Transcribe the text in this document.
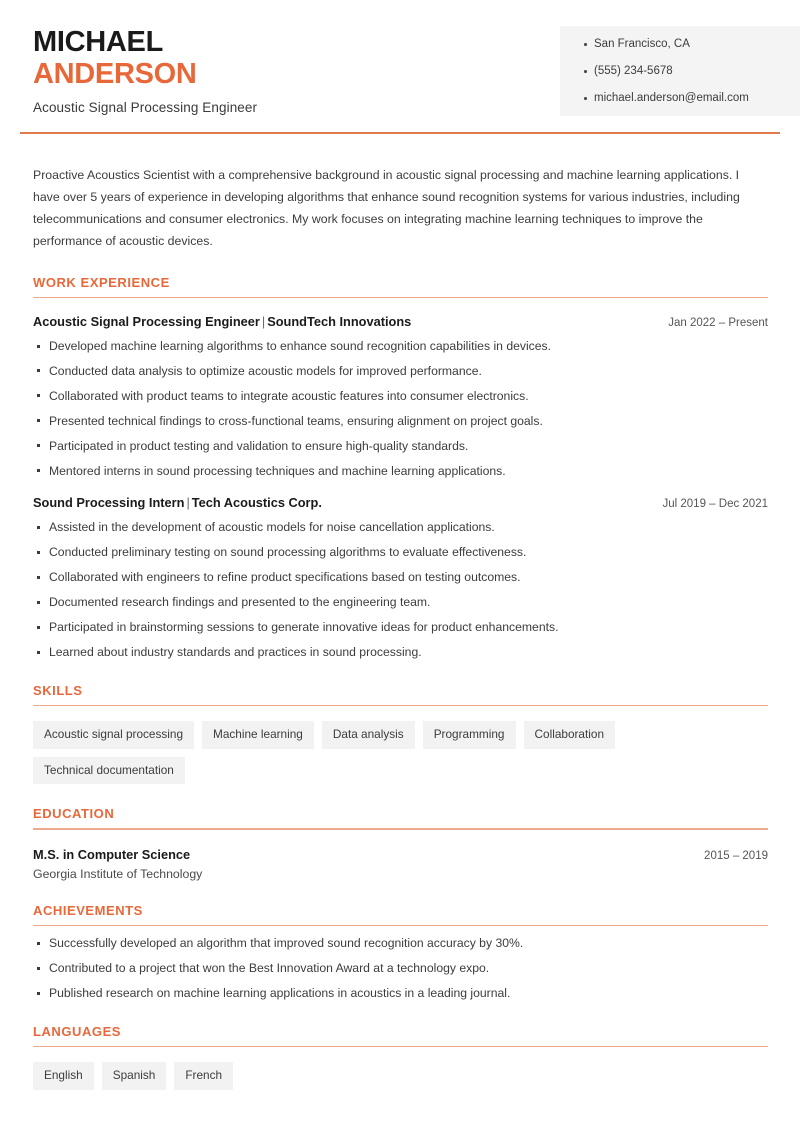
MICHAEL
ANDERSON
Acoustic Signal Processing Engineer
San Francisco, CA
(555) 234-5678
michael.anderson@email.com

Proactive Acoustics Scientist with a comprehensive background in acoustic signal processing and machine learning applications. I have over 5 years of experience in developing algorithms that enhance sound recognition systems for various industries, including telecommunications and consumer electronics. My work focuses on integrating machine learning techniques to improve the performance of acoustic devices.

WORK EXPERIENCE
Acoustic Signal Processing Engineer | SoundTech Innovations	Jan 2022 – Present
Developed machine learning algorithms to enhance sound recognition capabilities in devices.
Conducted data analysis to optimize acoustic models for improved performance.
Collaborated with product teams to integrate acoustic features into consumer electronics.
Presented technical findings to cross-functional teams, ensuring alignment on project goals.
Participated in product testing and validation to ensure high-quality standards.
Mentored interns in sound processing techniques and machine learning applications.
Sound Processing Intern | Tech Acoustics Corp.	Jul 2019 – Dec 2021
Assisted in the development of acoustic models for noise cancellation applications.
Conducted preliminary testing on sound processing algorithms to evaluate effectiveness.
Collaborated with engineers to refine product specifications based on testing outcomes.
Documented research findings and presented to the engineering team.
Participated in brainstorming sessions to generate innovative ideas for product enhancements.
Learned about industry standards and practices in sound processing.
SKILLS
Acoustic signal processing	Machine learning	Data analysis	Programming	Collaboration
Technical documentation
EDUCATION
M.S. in Computer Science	2015 – 2019
Georgia Institute of Technology
ACHIEVEMENTS
Successfully developed an algorithm that improved sound recognition accuracy by 30%.
Contributed to a project that won the Best Innovation Award at a technology expo.
Published research on machine learning applications in acoustics in a leading journal.
LANGUAGES
English	Spanish	French
